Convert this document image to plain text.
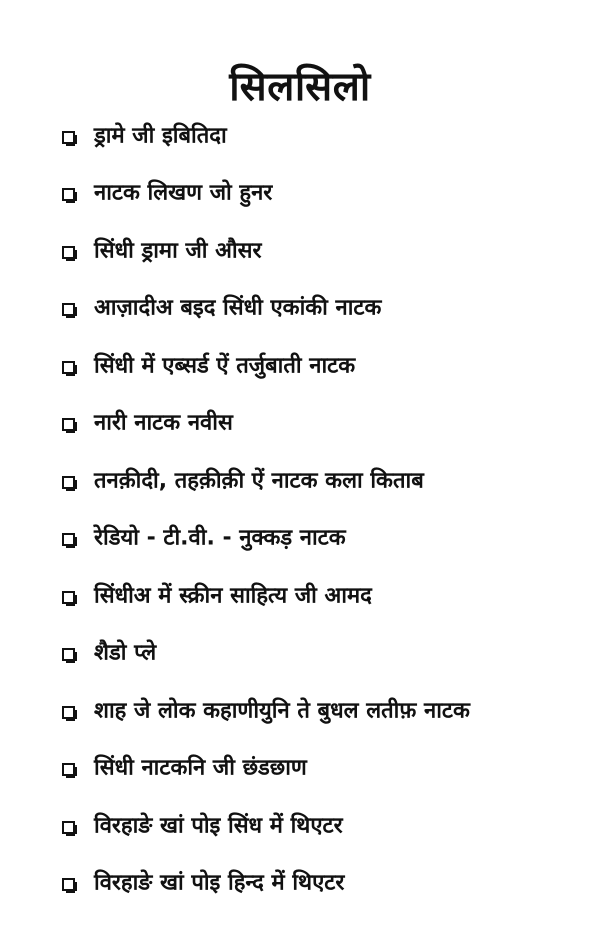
सिलसिलो
ड्रामे जी इबितिदा
नाटक लिखण जो हुनर
सिंधी ड्रामा जी औसर
आज़ादीअ बइद सिंधी एकांकी नाटक
सिंधी में एब्सर्ड ऐं तर्जुबाती नाटक
नारी नाटक नवीस
तनक़ीदी, तहक़ीक़ी ऐं नाटक कला किताब
रेडियो - टी.वी. - नुक्कड़ नाटक
सिंधीअ में स्क्रीन साहित्य जी आमद
शैडो प्ले
शाह जे लोक कहाणीयुनि ते बुधल लतीफ़ नाटक
सिंधी नाटकनि जी छंडछाण
विरहाङे खां पोइ सिंध में थिएटर
विरहाङे खां पोइ हिन्द में थिएटर
